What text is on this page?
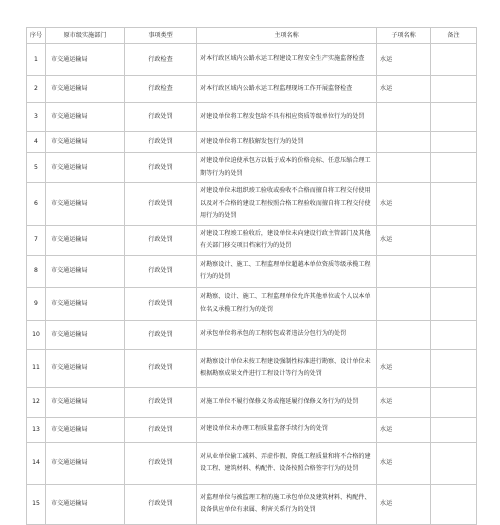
序号	原市级实施部门	事项类型	主项名称	子项名称	备注
1	市交通运输局	行政检查	对本行政区域内公路水运工程建设工程安全生产实施监督检查	水运	
2	市交通运输局	行政检查	对本行政区域内公路水运工程监理现场工作开展监督检查	水运	
3	市交通运输局	行政处罚	对建设单位将工程发包给不具有相应资质等级单位行为的处罚		
4	市交通运输局	行政处罚	对建设单位将工程肢解发包行为的处罚		
5	市交通运输局	行政处罚	对建设单位迫使承包方以低于成本的价格竞标、任意压缩合理工期等行为的处罚		
6	市交通运输局	行政处罚	对建设单位未组织竣工验收或验收不合格而擅自将工程交付使用以及对不合格的建设工程按照合格工程验收而擅自将工程交付使用行为的处罚	水运	
7	市交通运输局	行政处罚	对建设工程竣工验收后，建设单位未向建设行政主管部门及其他有关部门移交项目档案行为的处罚	水运	
8	市交通运输局	行政处罚	对勘察设计、施工、工程监理单位超越本单位资质等级承揽工程行为的处罚		
9	市交通运输局	行政处罚	对勘察、设计、施工、工程监理单位允许其他单位或个人以本单位名义承揽工程行为的处罚		
10	市交通运输局	行政处罚	对承包单位将承包的工程转包或者违法分包行为的处罚		
11	市交通运输局	行政处罚	对勘察设计单位未按工程建设强制性标准进行勘察、设计单位未根据勘察成果文件进行工程设计等行为的处罚	水运	
12	市交通运输局	行政处罚	对施工单位不履行保修义务或拖延履行保修义务行为的处罚	水运	
13	市交通运输局	行政处罚	对建设单位未办理工程质量监督手续行为的处罚	水运	
14	市交通运输局	行政处罚	对从业单位偷工减料、弄虚作假、降低工程质量和将不合格的建设工程、建筑材料、构配件、设备按照合格签字行为的处罚	水运	
15	市交通运输局	行政处罚	对监理单位与被监理工程的施工承包单位及建筑材料、构配件、设备供应单位有隶属、利害关系行为的处罚	水运	
